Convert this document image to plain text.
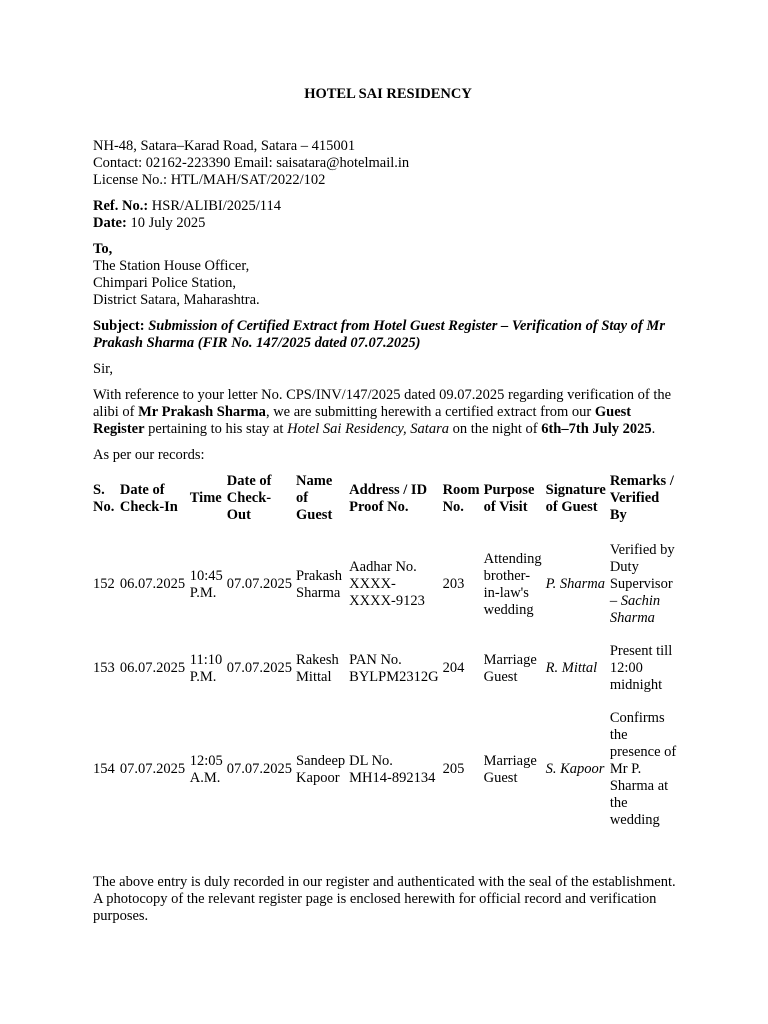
HOTEL SAI RESIDENCY
NH-48, Satara–Karad Road, Satara – 415001
Contact: 02162-223390 Email: saisatara@hotelmail.in
License No.: HTL/MAH/SAT/2022/102
Ref. No.: HSR/ALIBI/2025/114
Date: 10 July 2025
To,
The Station House Officer,
Chimpari Police Station,
District Satara, Maharashtra.
Subject: Submission of Certified Extract from Hotel Guest Register – Verification of Stay of Mr Prakash Sharma (FIR No. 147/2025 dated 07.07.2025)
Sir,
With reference to your letter No. CPS/INV/147/2025 dated 09.07.2025 regarding verification of the alibi of Mr Prakash Sharma, we are submitting herewith a certified extract from our Guest Register pertaining to his stay at Hotel Sai Residency, Satara on the night of 6th–7th July 2025.
As per our records:
S. No.	Date of Check-In	Time	Date of Check-Out	Name of Guest	Address / ID Proof No.	Room No.	Purpose of Visit	Signature of Guest	Remarks / Verified By
152	06.07.2025	10:45 P.M.	07.07.2025	Prakash Sharma	Aadhar No. XXXX-XXXX-9123	203	Attending brother-in-law's wedding	P. Sharma	Verified by Duty Supervisor – Sachin Sharma
153	06.07.2025	11:10 P.M.	07.07.2025	Rakesh Mittal	PAN No. BYLPM2312G	204	Marriage Guest	R. Mittal	Present till 12:00 midnight
154	07.07.2025	12:05 A.M.	07.07.2025	Sandeep Kapoor	DL No. MH14-892134	205	Marriage Guest	S. Kapoor	Confirms the presence of Mr P. Sharma at the wedding
The above entry is duly recorded in our register and authenticated with the seal of the establishment.
A photocopy of the relevant register page is enclosed herewith for official record and verification purposes.
